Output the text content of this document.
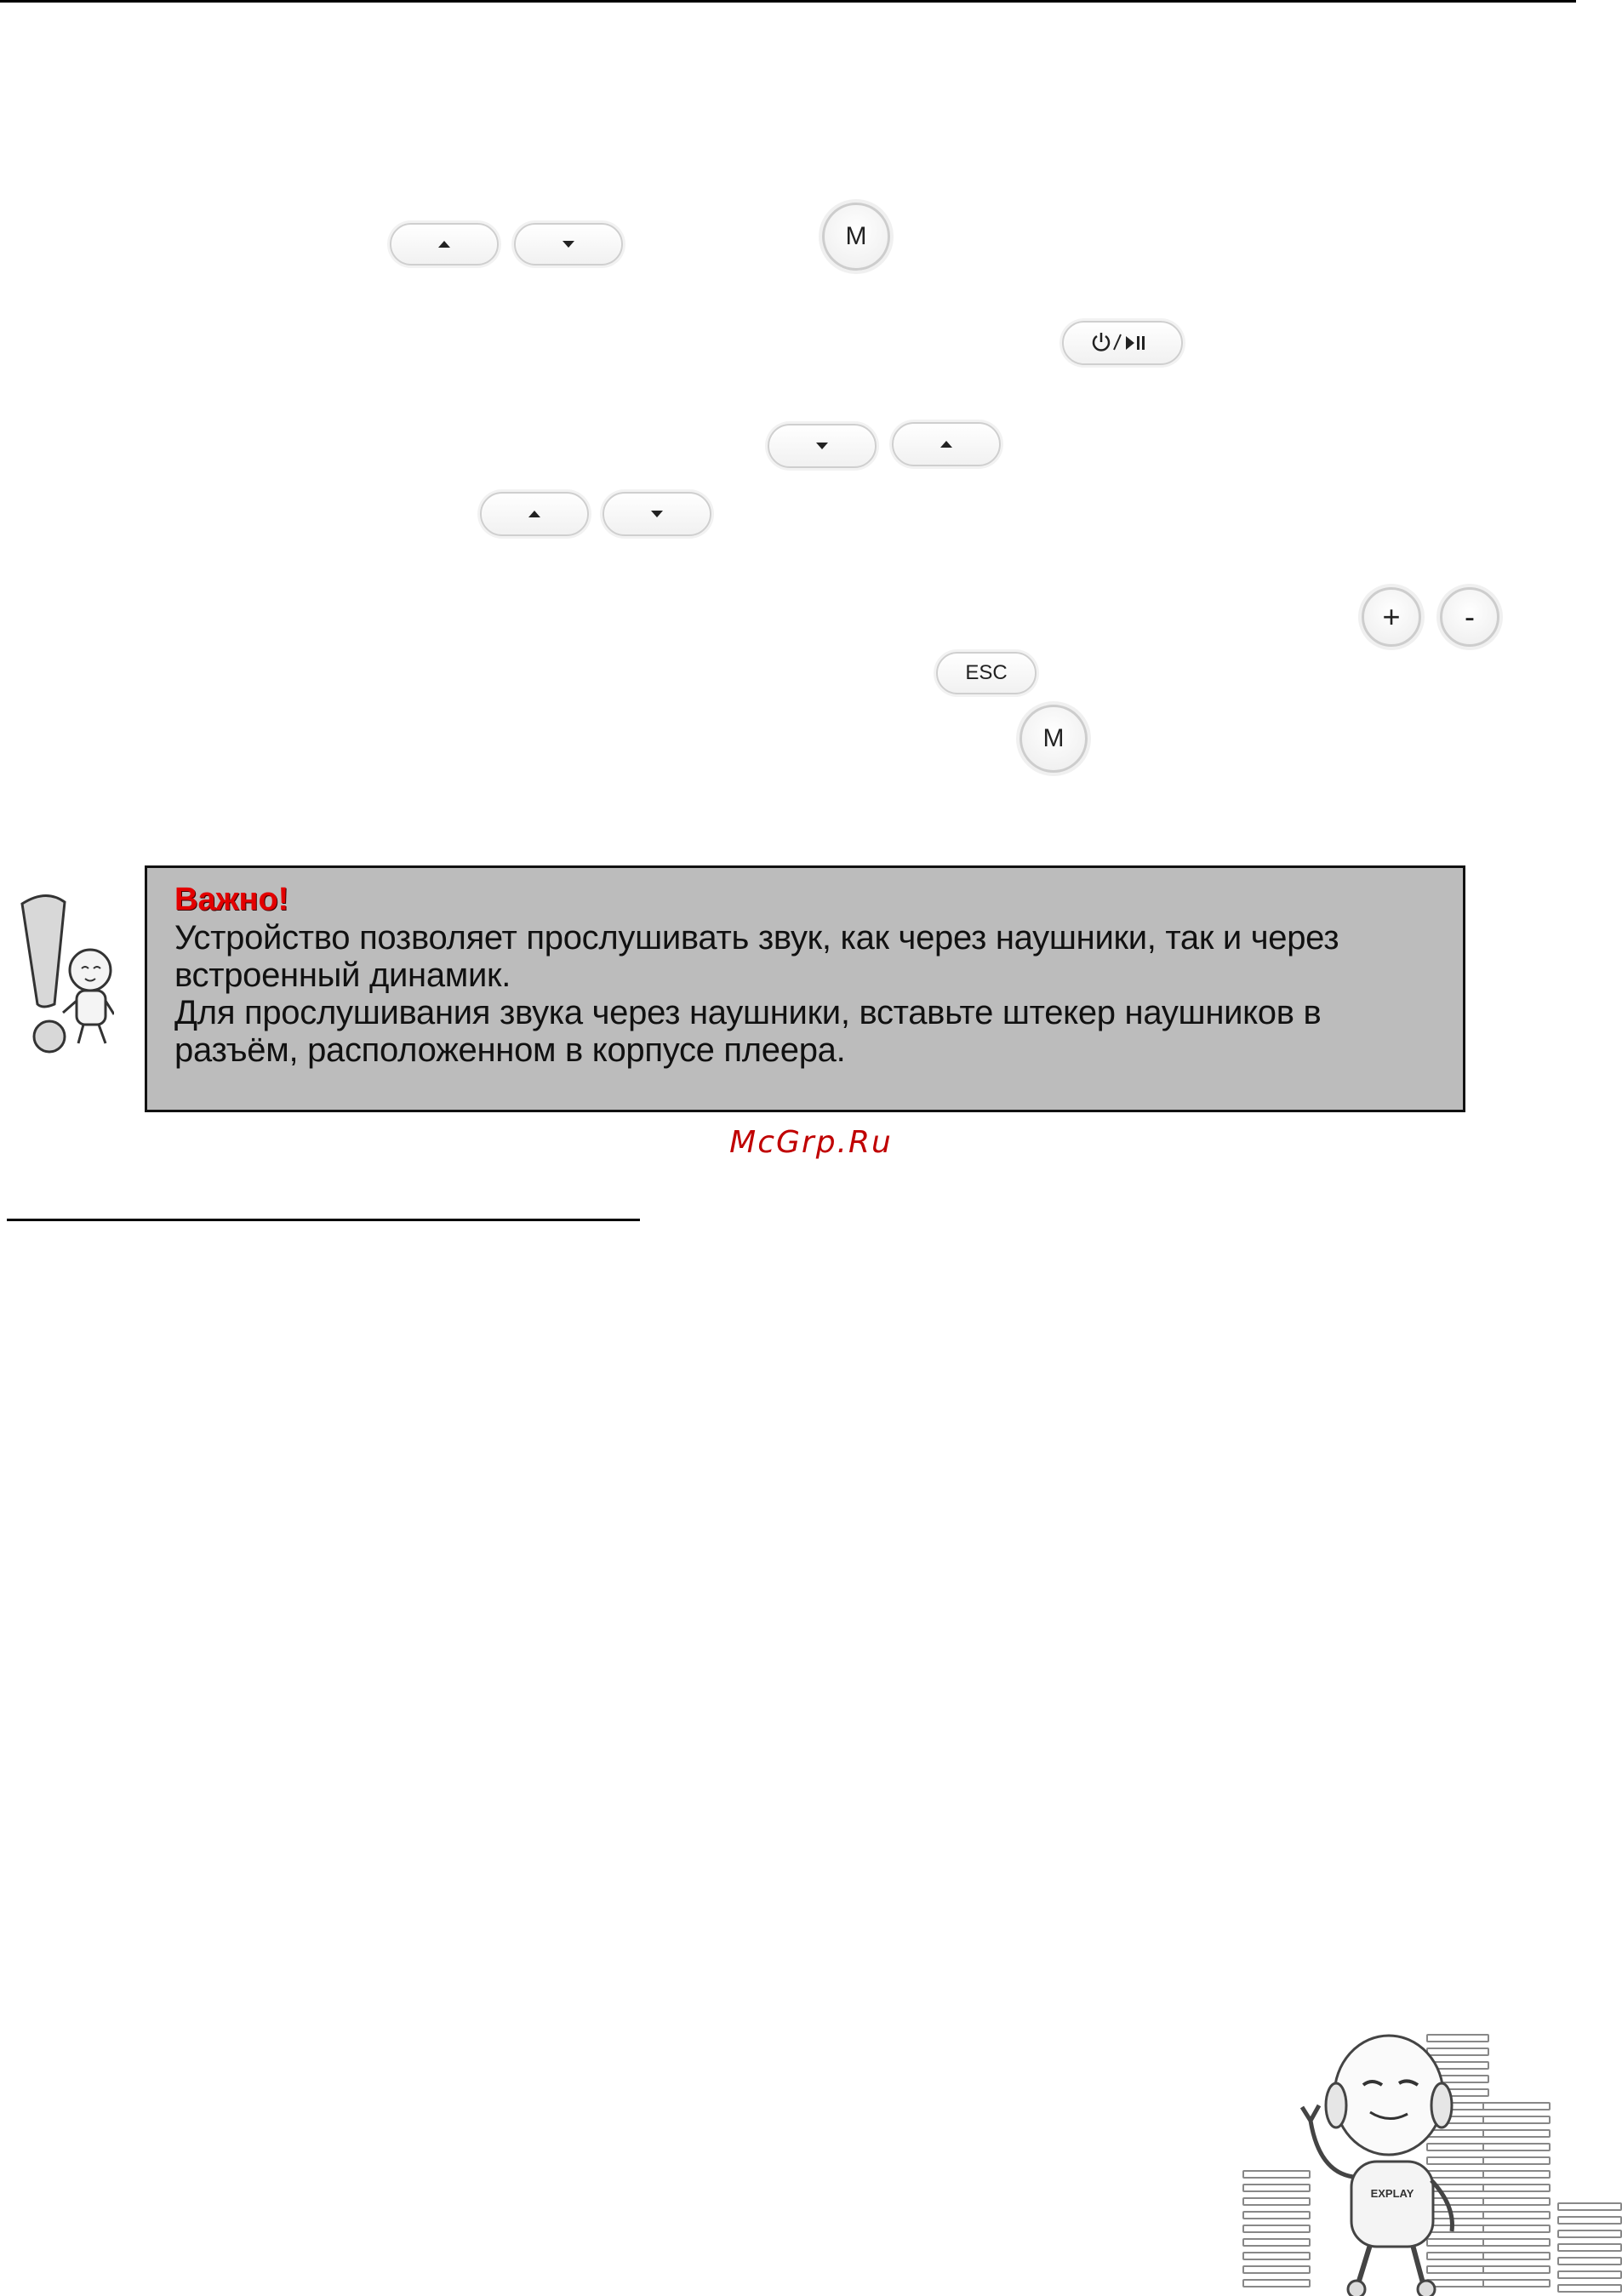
M
+ -
ESC
M
Важно!
Устройство позволяет прослушивать звук, как через наушники, так и через
встроенный динамик.
Для прослушивания звука через наушники, вставьте штекер наушников в
разъём, расположенном в корпусе плеера.
McGrp.Ru
EXPLAY
